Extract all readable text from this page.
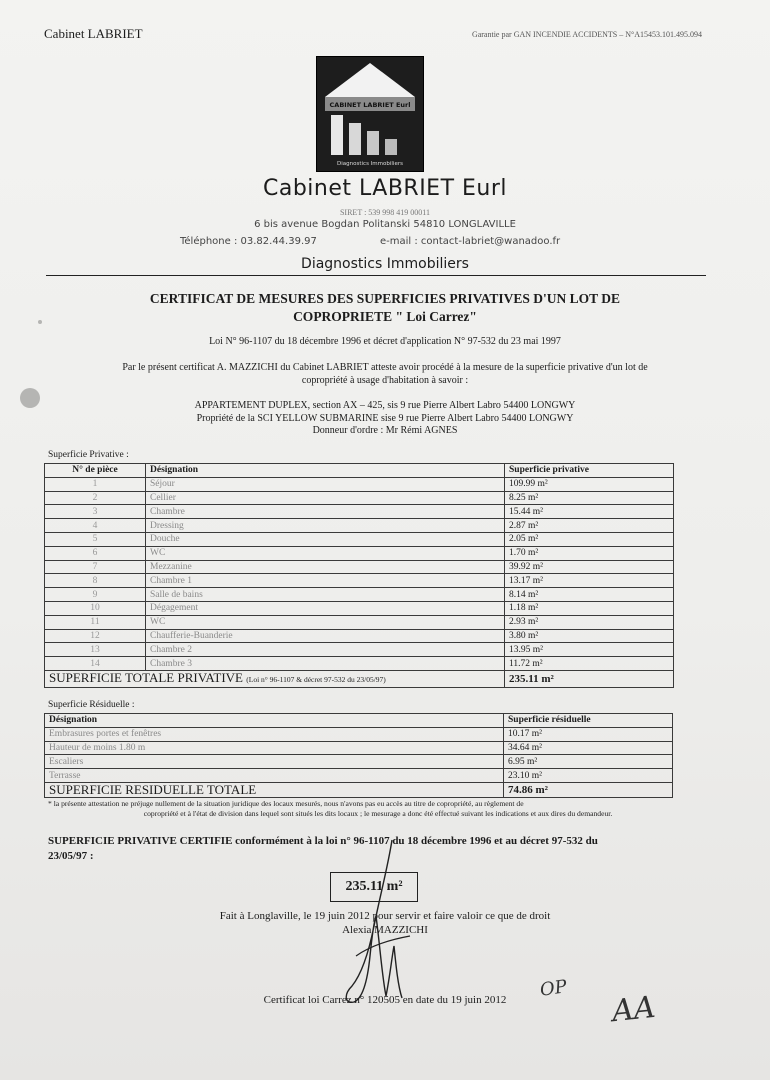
Cabinet LABRIET	Garantie par GAN INCENDIE ACCIDENTS – N°A15453.101.495.094
CABINET LABRIET Eurl
Diagnostics Immobiliers
Cabinet LABRIET Eurl
SIRET : 539 998 419 00011
6 bis avenue Bogdan Politanski 54810 LONGLAVILLE
Téléphone : 03.82.44.39.97	e-mail : contact-labriet@wanadoo.fr
Diagnostics Immobiliers
CERTIFICAT DE MESURES DES SUPERFICIES PRIVATIVES D'UN LOT DE
COPROPRIETE " Loi Carrez"
Loi N° 96-1107 du 18 décembre 1996 et décret d'application N° 97-532 du 23 mai 1997
Par le présent certificat A. MAZZICHI du Cabinet LABRIET atteste avoir procédé à la mesure de la superficie privative d'un lot de
copropriété à usage d'habitation à savoir :
APPARTEMENT DUPLEX, section AX – 425, sis 9 rue Pierre Albert Labro 54400 LONGWY
Propriété de la SCI YELLOW SUBMARINE sise 9 rue Pierre Albert Labro 54400 LONGWY
Donneur d'ordre : Mr Rémi AGNES
Superficie Privative :
N° de pièce	Désignation	Superficie privative
1	Séjour	109.99 m²
2	Cellier	8.25 m²
3	Chambre	15.44 m²
4	Dressing	2.87 m²
5	Douche	2.05 m²
6	WC	1.70 m²
7	Mezzanine	39.92 m²
8	Chambre 1	13.17 m²
9	Salle de bains	8.14 m²
10	Dégagement	1.18 m²
11	WC	2.93 m²
12	Chaufferie-Buanderie	3.80 m²
13	Chambre 2	13.95 m²
14	Chambre 3	11.72 m²
SUPERFICIE TOTALE PRIVATIVE (Loi n° 96-1107 & décret 97-532 du 23/05/97)		235.11 m²
Superficie Résiduelle :
Désignation	Superficie résiduelle
Embrasures portes et fenêtres	10.17 m²
Hauteur de moins 1.80 m	34.64 m²
Escaliers	6.95 m²
Terrasse	23.10 m²
SUPERFICIE RESIDUELLE TOTALE	74.86 m²
* la présente attestation ne préjuge nullement de la situation juridique des locaux mesurés, nous n'avons pas eu accès au titre de copropriété, au règlement de
copropriété et à l'état de division dans lequel sont situés les dits locaux ; le mesurage a donc été effectué suivant les indications et aux dires du demandeur.
SUPERFICIE PRIVATIVE CERTIFIE conformément à la loi n° 96-1107 du 18 décembre 1996 et au décret 97-532 du
23/05/97 :
235.11 m²
Fait à Longlaville, le 19 juin 2012 pour servir et faire valoir ce que de droit
Alexia MAZZICHI
Certificat loi Carrez n° 120505 en date du 19 juin 2012	OP
AA
